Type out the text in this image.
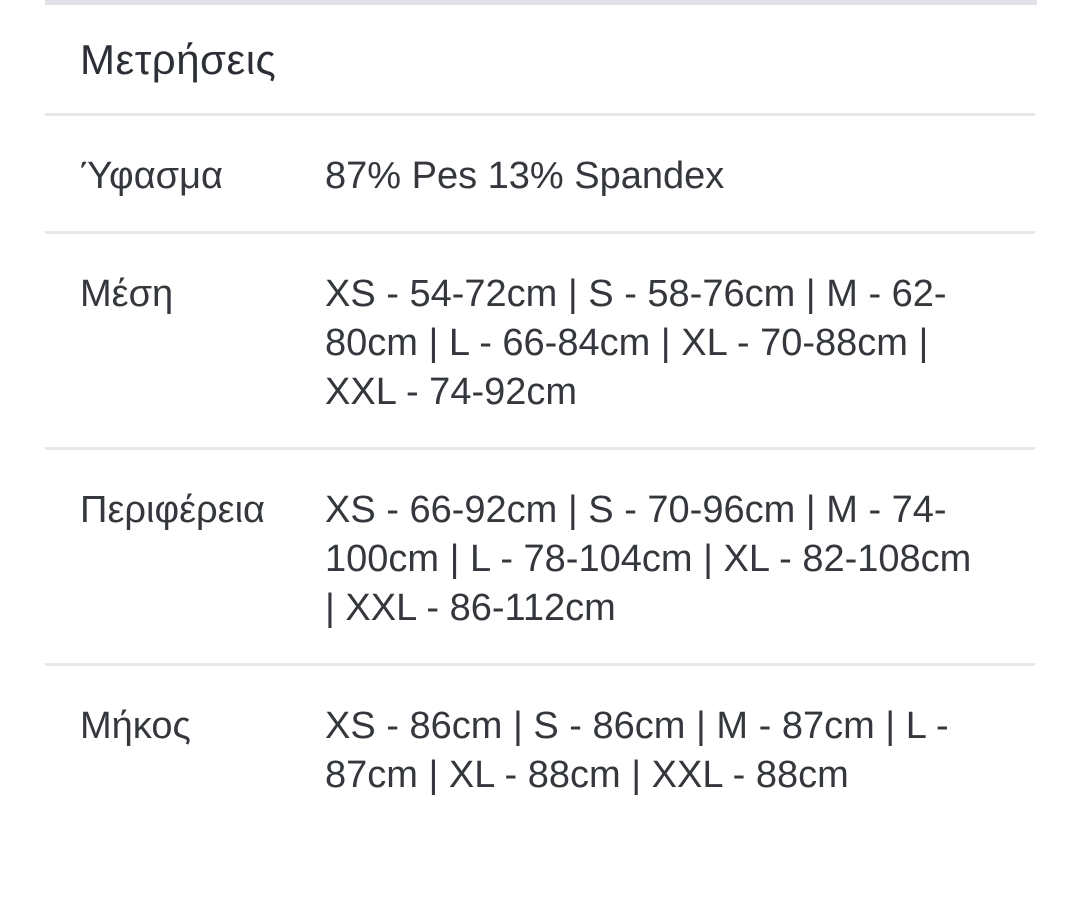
Μετρήσεις
Ύφασμα	87% Pes 13% Spandex
Μέση	XS - 54-72cm | S - 58-76cm | M - 62-80cm | L - 66-84cm | XL - 70-88cm | XXL - 74-92cm
Περιφέρεια	XS - 66-92cm | S - 70-96cm | M - 74-100cm | L - 78-104cm | XL - 82-108cm | XXL - 86-112cm
Μήκος	XS - 86cm | S - 86cm | M - 87cm | L - 87cm | XL - 88cm | XXL - 88cm
